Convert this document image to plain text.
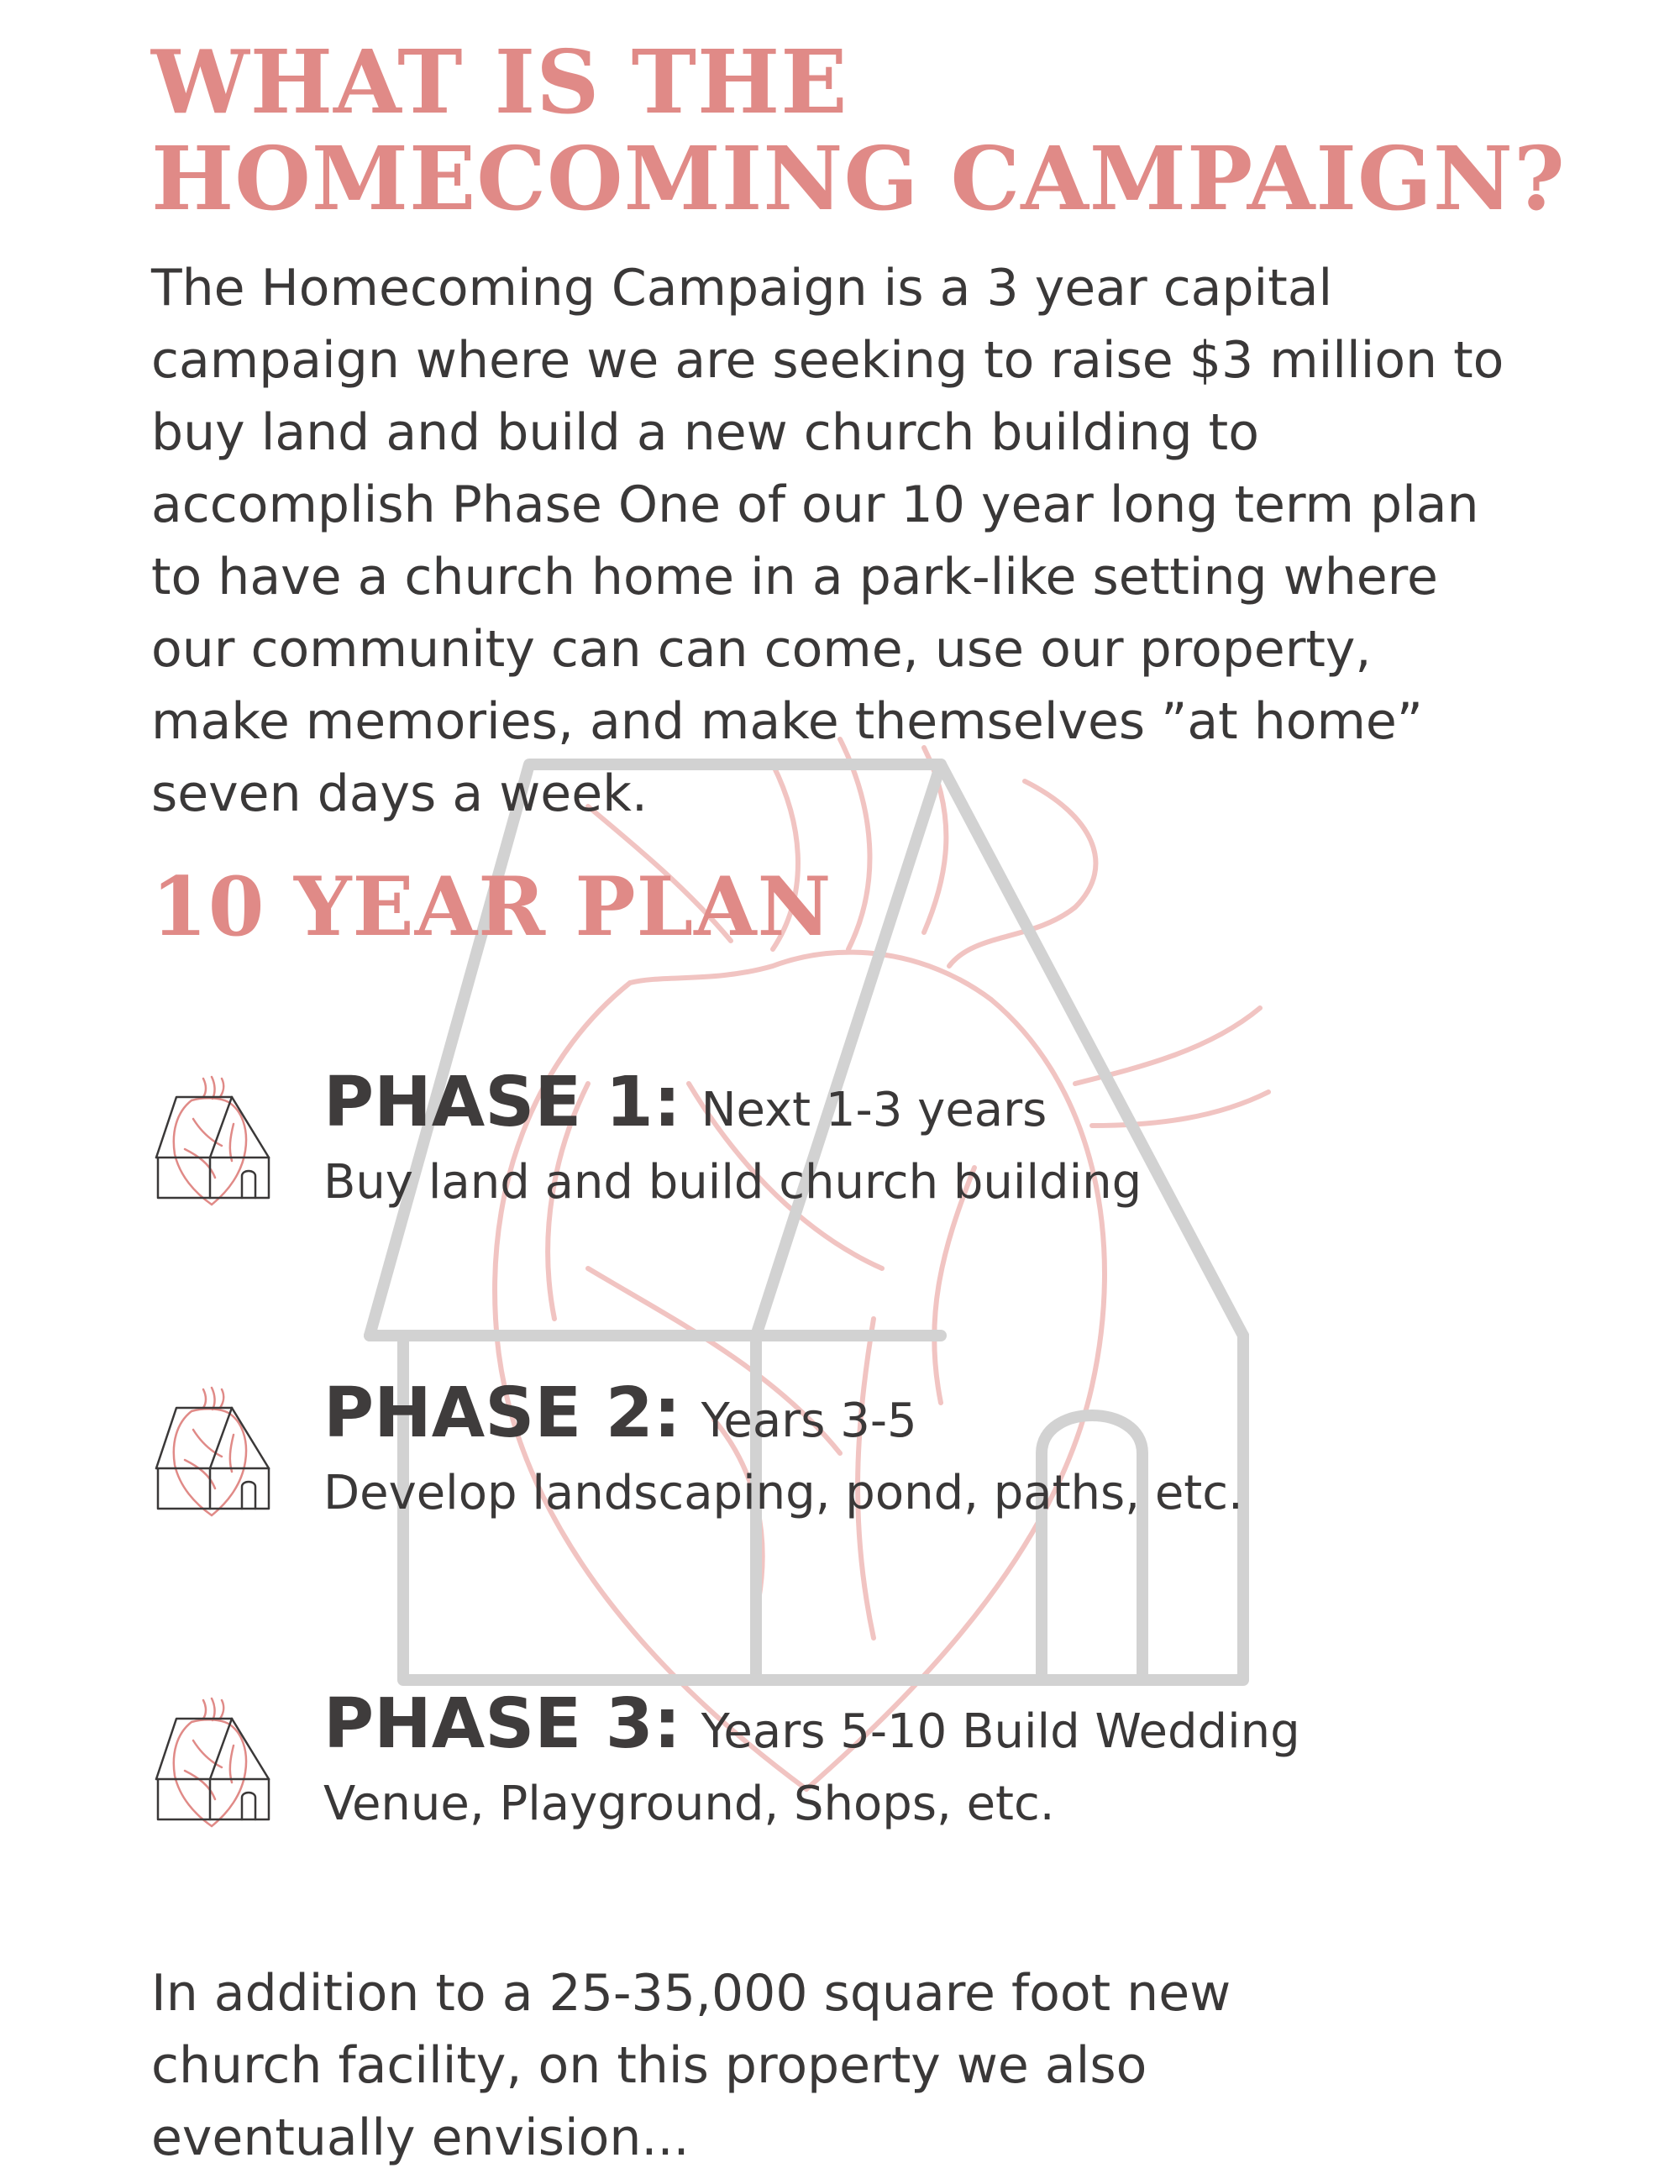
WHAT IS THE
HOMECOMING CAMPAIGN?

The Homecoming Campaign is a 3 year capital
campaign where we are seeking to raise $3 million to
buy land and build a new church building to
accomplish Phase One of our 10 year long term plan
to have a church home in a park-like setting where
our community can can come, use our property,
make memories, and make themselves ”at home”
seven days a week.

10 YEAR PLAN
PHASE 1: Next 1-3 years
Buy land and build church building
PHASE 2: Years 3-5
Develop landscaping, pond, paths, etc.
PHASE 3: Years 5-10 Build Wedding
Venue, Playground, Shops, etc.

In addition to a 25-35,000 square foot new
church facility, on this property we also
eventually envision...
